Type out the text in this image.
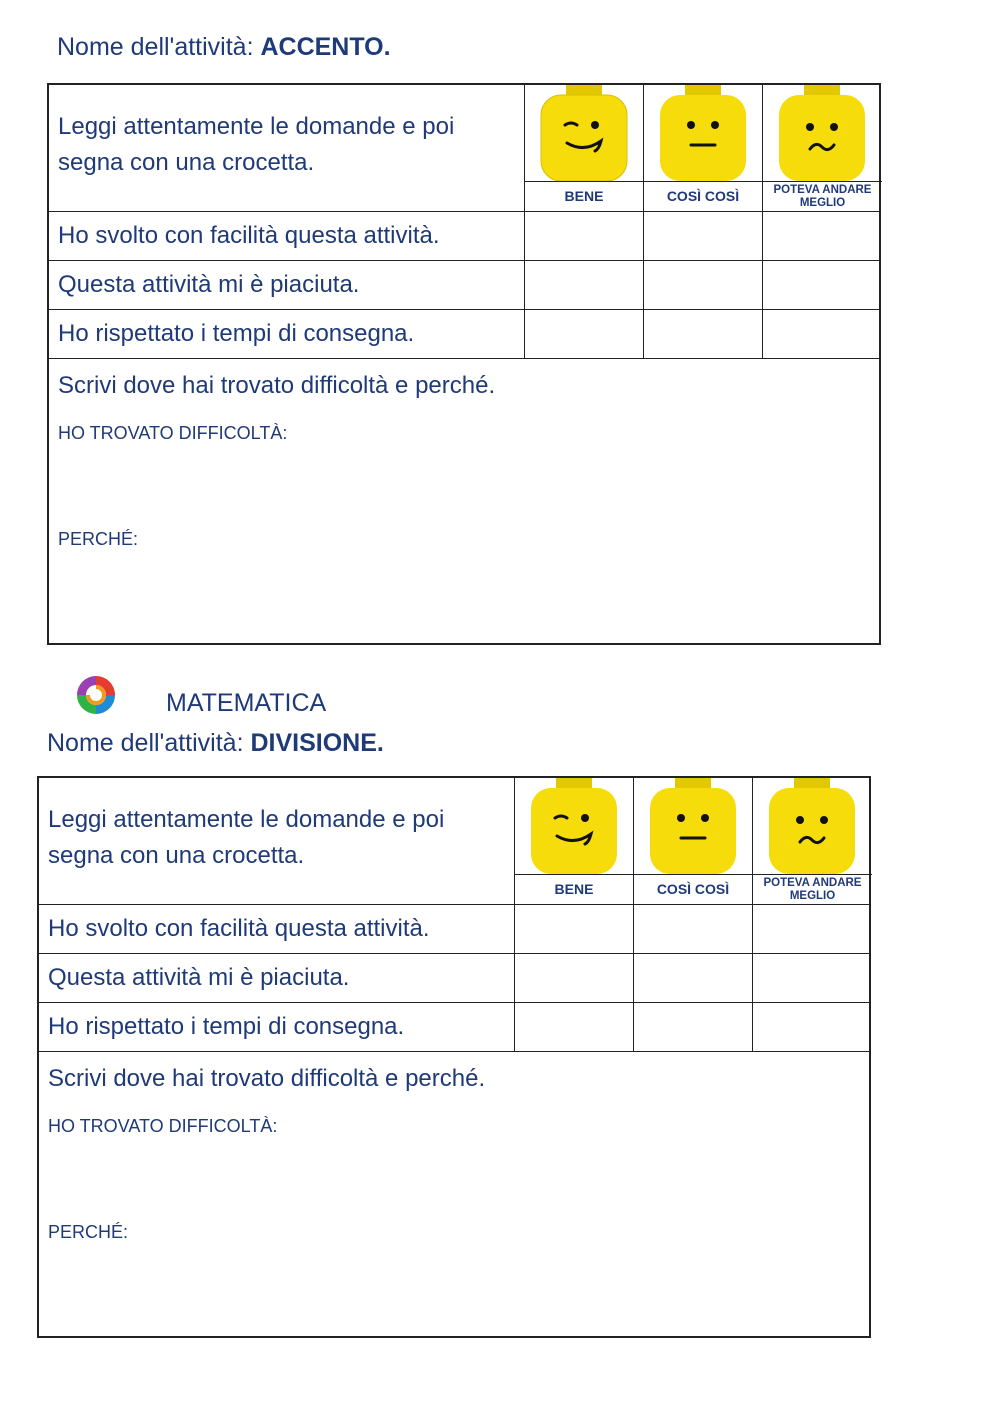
Nome dell'attività: ACCENTO.
Leggi attentamente le domande e poi
segna con una crocetta.
BENE	COSÌ COSÌ	POTEVA ANDARE MEGLIO
Ho svolto con facilità questa attività.
Questa attività mi è piaciuta.
Ho rispettato i tempi di consegna.
Scrivi dove hai trovato difficoltà e perché.
HO TROVATO DIFFICOLTÀ:
PERCHÉ:
MATEMATICA
Nome dell'attività: DIVISIONE.
Leggi attentamente le domande e poi
segna con una crocetta.
BENE	COSÌ COSÌ	POTEVA ANDARE MEGLIO
Ho svolto con facilità questa attività.
Questa attività mi è piaciuta.
Ho rispettato i tempi di consegna.
Scrivi dove hai trovato difficoltà e perché.
HO TROVATO DIFFICOLTÀ:
PERCHÉ:
